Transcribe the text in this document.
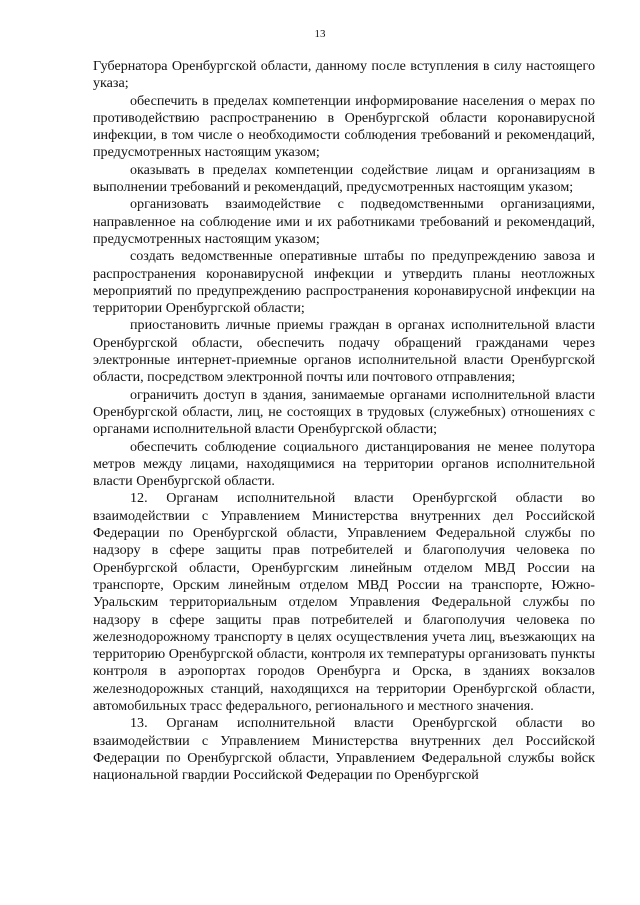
13

Губернатора Оренбургской области, данному после вступления в силу настоящего указа;

обеспечить в пределах компетенции информирование населения о мерах по противодействию распространению в Оренбургской области коронавирусной инфекции, в том числе о необходимости соблюдения требований и рекомендаций, предусмотренных настоящим указом;

оказывать в пределах компетенции содействие лицам и организациям в выполнении требований и рекомендаций, предусмотренных настоящим указом;

организовать взаимодействие с подведомственными организациями, направленное на соблюдение ими и их работниками требований и рекомендаций, предусмотренных настоящим указом;

создать ведомственные оперативные штабы по предупреждению завоза и распространения коронавирусной инфекции и утвердить планы неотложных мероприятий по предупреждению распространения коронавирусной инфекции на территории Оренбургской области;

приостановить личные приемы граждан в органах исполнительной власти Оренбургской области, обеспечить подачу обращений гражданами через электронные интернет-приемные органов исполнительной власти Оренбургской области, посредством электронной почты или почтового отправления;

ограничить доступ в здания, занимаемые органами исполнительной власти Оренбургской области, лиц, не состоящих в трудовых (служебных) отношениях с органами исполнительной власти Оренбургской области;

обеспечить соблюдение социального дистанцирования не менее полутора метров между лицами, находящимися на территории органов исполнительной власти Оренбургской области.

12. Органам исполнительной власти Оренбургской области во взаимодействии с Управлением Министерства внутренних дел Российской Федерации по Оренбургской области, Управлением Федеральной службы по надзору в сфере защиты прав потребителей и благополучия человека по Оренбургской области, Оренбургским линейным отделом МВД России на транспорте, Орским линейным отделом МВД России на транспорте, Южно-Уральским территориальным отделом Управления Федеральной службы по надзору в сфере защиты прав потребителей и благополучия человека по железнодорожному транспорту в целях осуществления учета лиц, въезжающих на территорию Оренбургской области, контроля их температуры организовать пункты контроля в аэропортах городов Оренбурга и Орска, в зданиях вокзалов железнодорожных станций, находящихся на территории Оренбургской области, автомобильных трасс федерального, регионального и местного значения.

13. Органам исполнительной власти Оренбургской области во взаимодействии с Управлением Министерства внутренних дел Российской Федерации по Оренбургской области, Управлением Федеральной службы войск национальной гвардии Российской Федерации по Оренбургской
